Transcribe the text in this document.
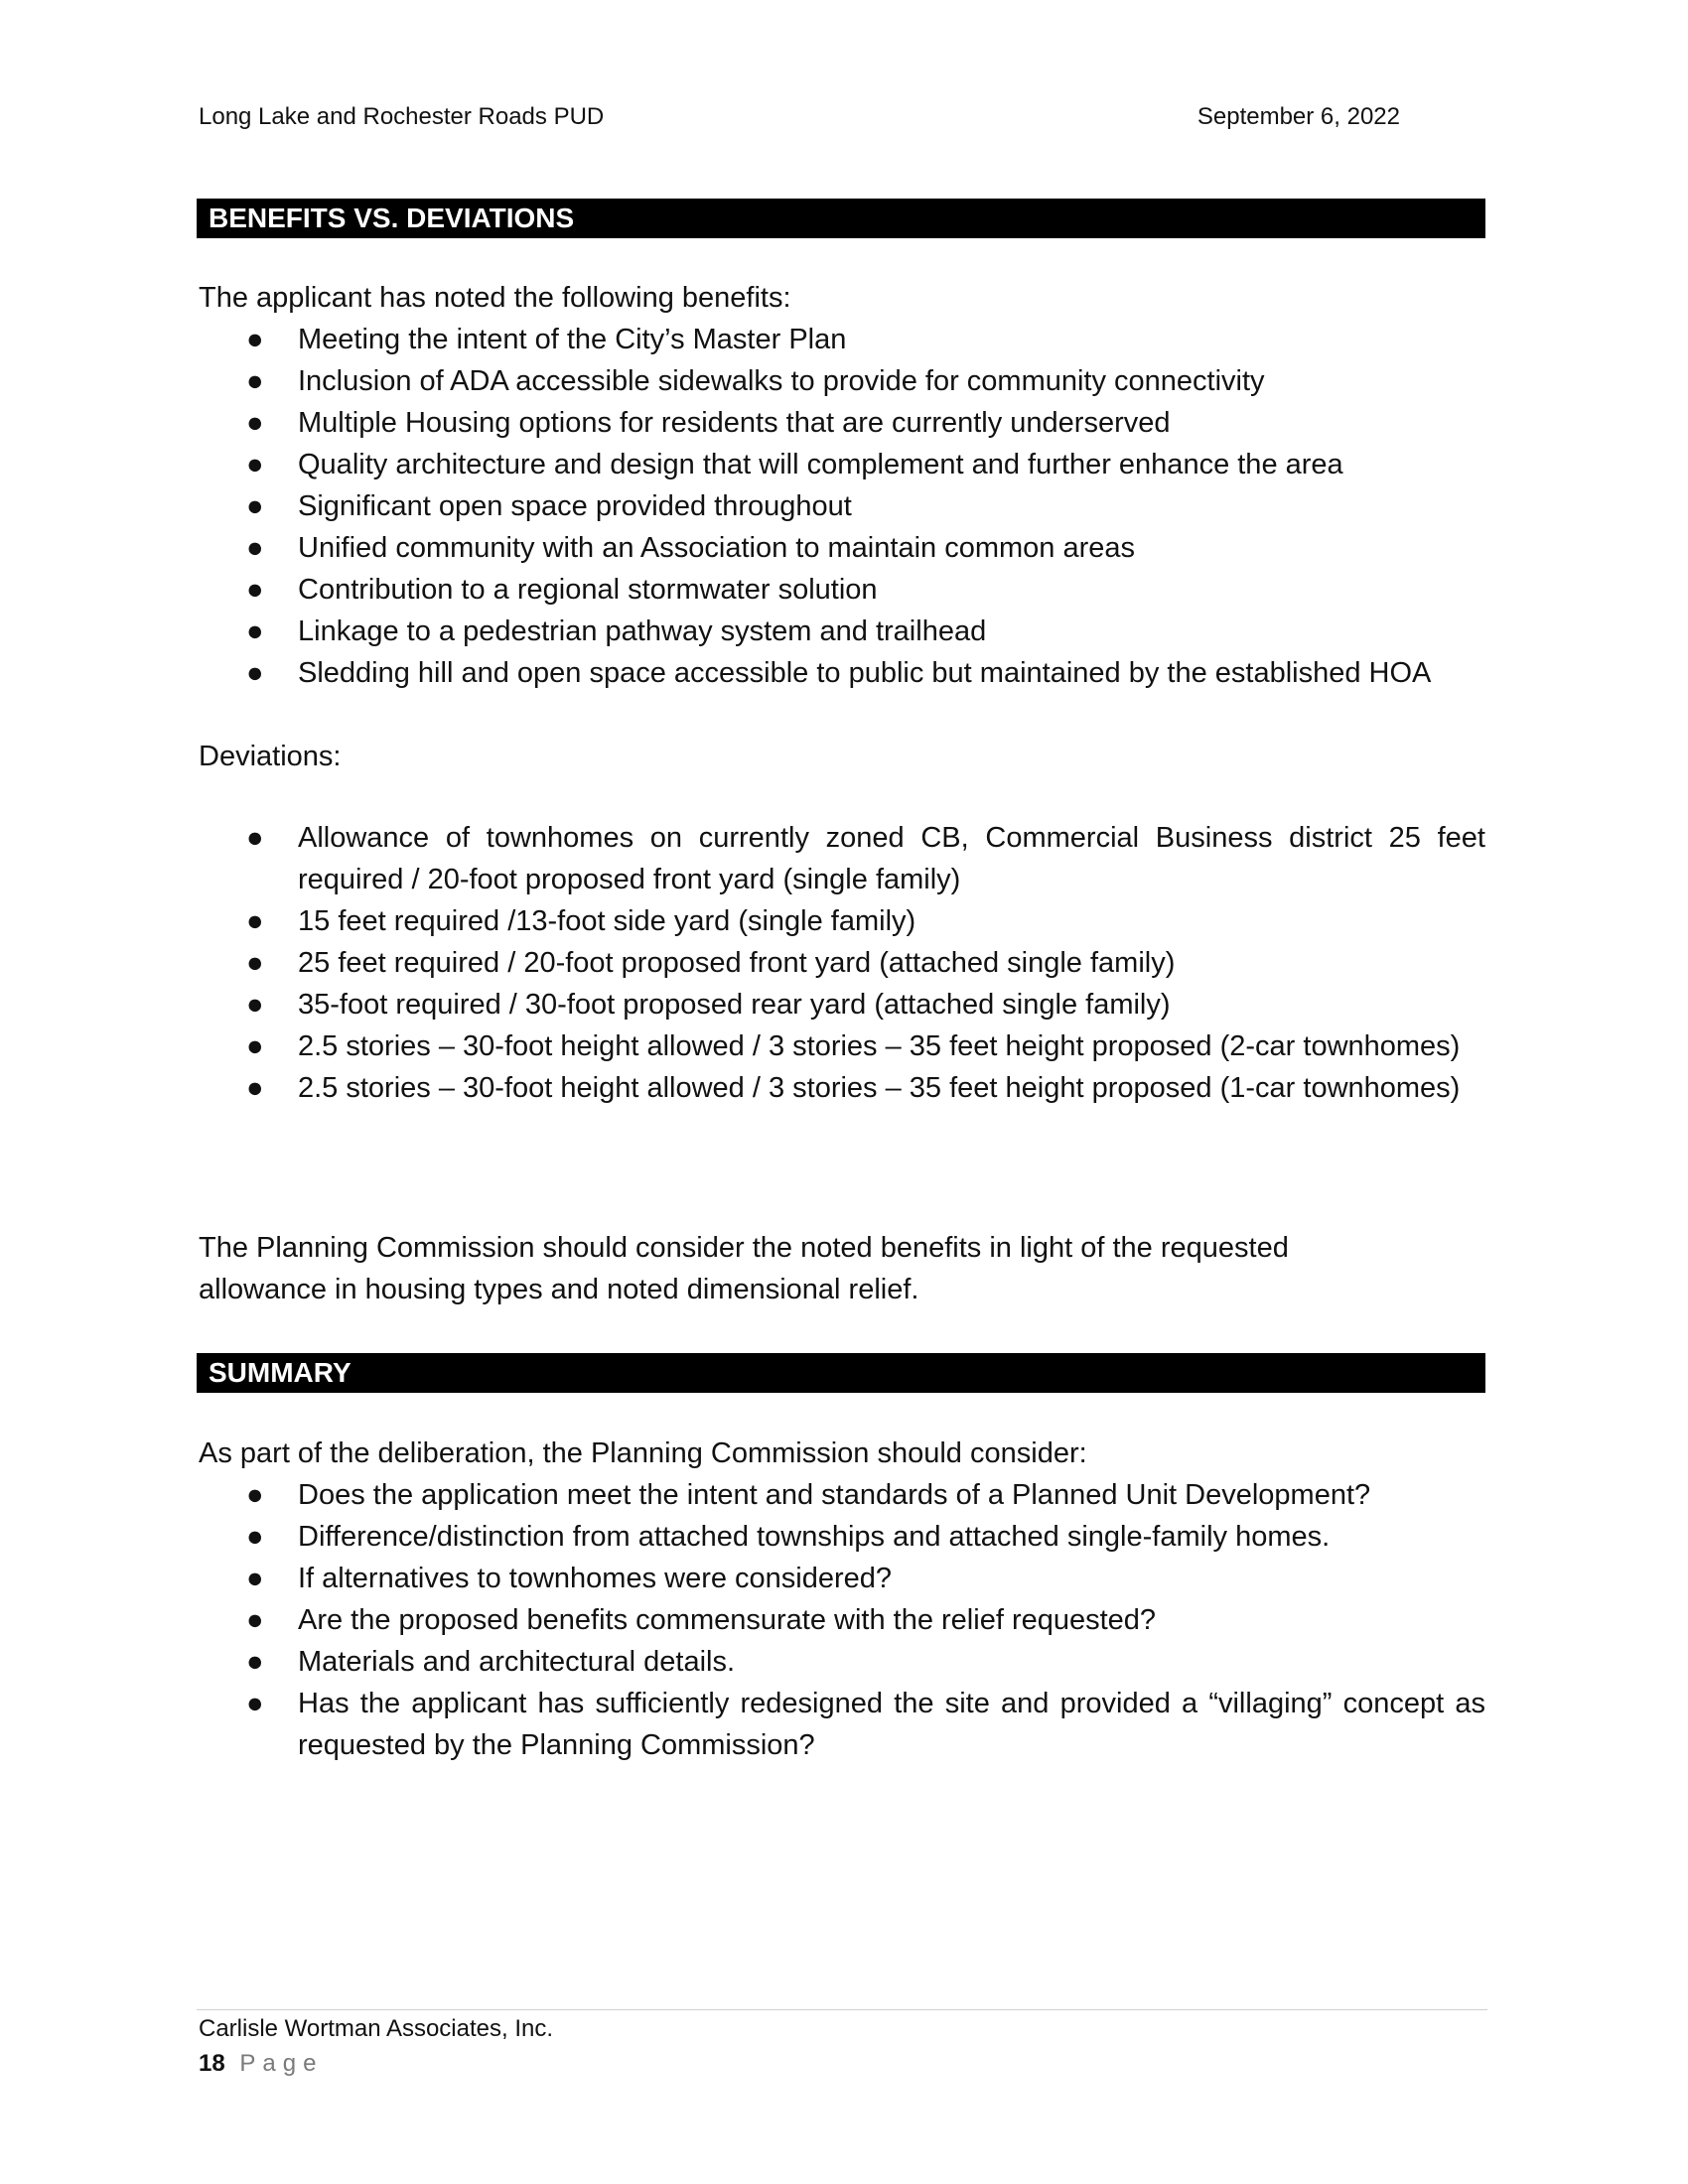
Long Lake and Rochester Roads PUD	September 6, 2022
BENEFITS VS. DEVIATIONS
The applicant has noted the following benefits:
● Meeting the intent of the City’s Master Plan
● Inclusion of ADA accessible sidewalks to provide for community connectivity
● Multiple Housing options for residents that are currently underserved
● Quality architecture and design that will complement and further enhance the area
● Significant open space provided throughout
● Unified community with an Association to maintain common areas
● Contribution to a regional stormwater solution
● Linkage to a pedestrian pathway system and trailhead
● Sledding hill and open space accessible to public but maintained by the established HOA
Deviations:
● Allowance of townhomes on currently zoned CB, Commercial Business district 25 feet required / 20-foot proposed front yard (single family)
● 15 feet required /13-foot side yard (single family)
● 25 feet required / 20-foot proposed front yard (attached single family)
● 35-foot required / 30-foot proposed rear yard (attached single family)
● 2.5 stories – 30-foot height allowed / 3 stories – 35 feet height proposed (2-car townhomes)
● 2.5 stories – 30-foot height allowed / 3 stories – 35 feet height proposed (1-car townhomes)
The Planning Commission should consider the noted benefits in light of the requested allowance in housing types and noted dimensional relief.
SUMMARY
As part of the deliberation, the Planning Commission should consider:
● Does the application meet the intent and standards of a Planned Unit Development?
● Difference/distinction from attached townships and attached single-family homes.
● If alternatives to townhomes were considered?
● Are the proposed benefits commensurate with the relief requested?
● Materials and architectural details.
● Has the applicant has sufficiently redesigned the site and provided a “villaging” concept as requested by the Planning Commission?
Carlisle Wortman Associates, Inc.
18 Page
